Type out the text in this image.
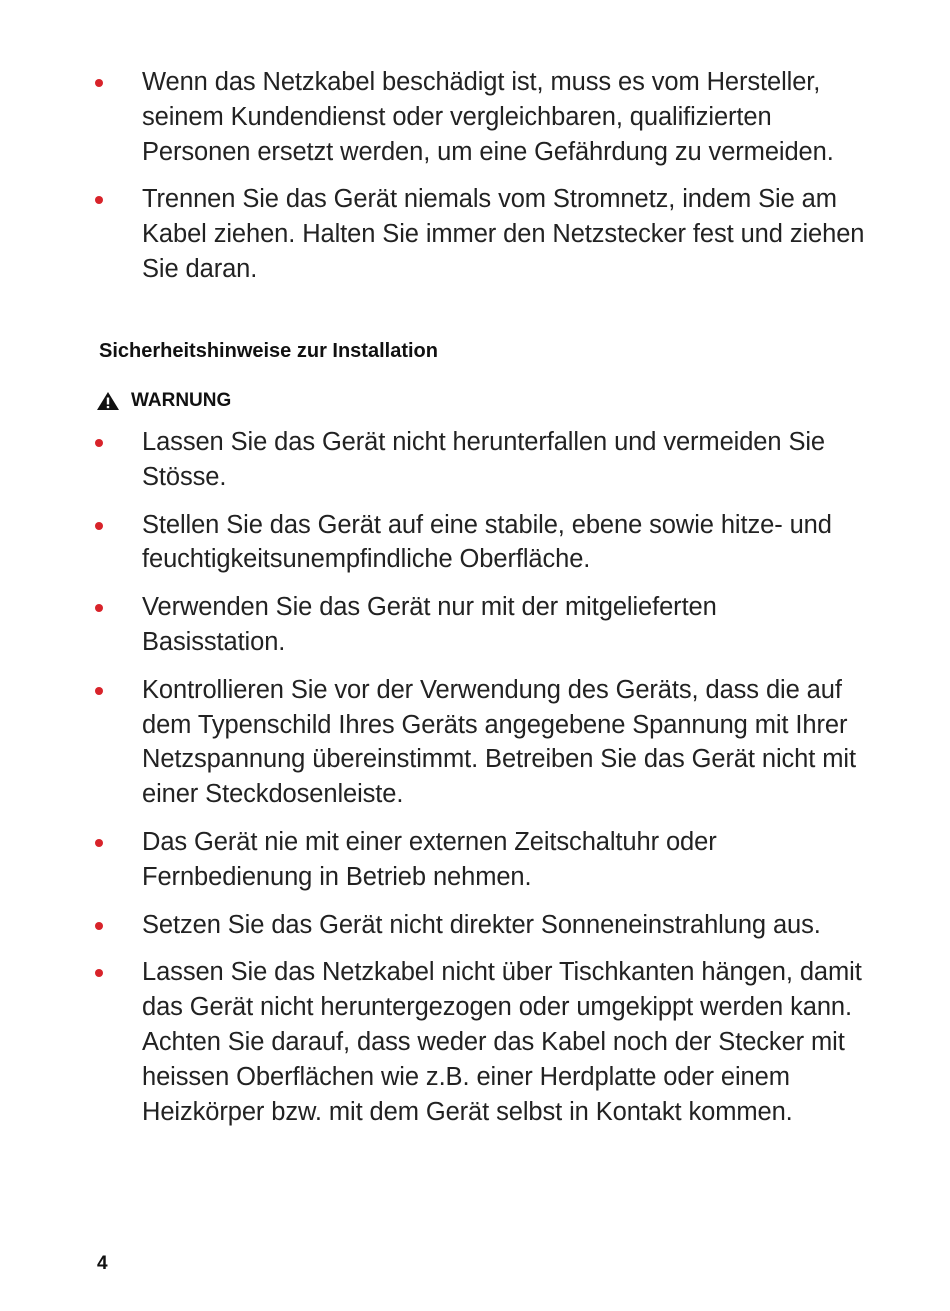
Wenn das Netzkabel beschädigt ist, muss es vom Hersteller, seinem Kundendienst oder vergleichbaren, qualifizierten Personen ersetzt werden, um eine Gefährdung zu vermeiden.
Trennen Sie das Gerät niemals vom Stromnetz, indem Sie am Kabel ziehen. Halten Sie immer den Netzstecker fest und ziehen Sie daran.
Sicherheitshinweise zur Installation
WARNUNG
Lassen Sie das Gerät nicht herunterfallen und vermeiden Sie Stösse.
Stellen Sie das Gerät auf eine stabile, ebene sowie hitze- und feuchtigkeitsunempfindliche Oberfläche.
Verwenden Sie das Gerät nur mit der mitgelieferten Basisstation.
Kontrollieren Sie vor der Verwendung des Geräts, dass die auf dem Typenschild Ihres Geräts angegebene Spannung mit Ihrer Netzspannung übereinstimmt. Betreiben Sie das Gerät nicht mit einer Steckdosenleiste.
Das Gerät nie mit einer externen Zeitschaltuhr oder Fernbedienung in Betrieb nehmen.
Setzen Sie das Gerät nicht direkter Sonneneinstrahlung aus.
Lassen Sie das Netzkabel nicht über Tischkanten hängen, damit das Gerät nicht heruntergezogen oder umgekippt werden kann. Achten Sie darauf, dass weder das Kabel noch der Stecker mit heissen Oberflächen wie z.B. einer Herdplatte oder einem Heizkörper bzw. mit dem Gerät selbst in Kontakt kommen.
4
